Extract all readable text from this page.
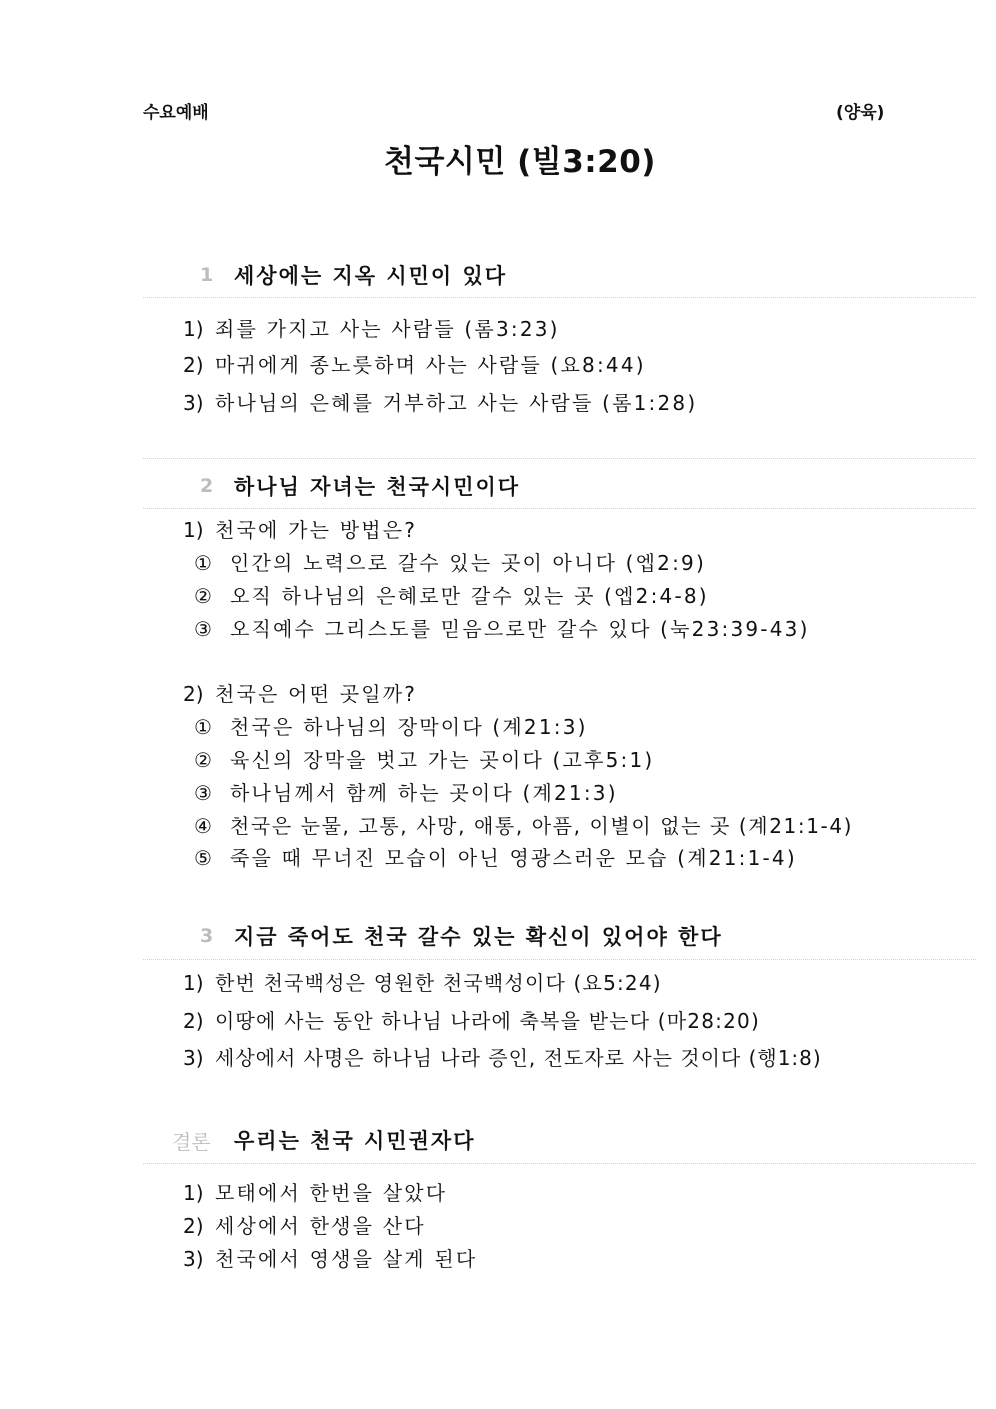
수요예배	(양육)
천국시민 (빌3:20)
1 세상에는 지옥 시민이 있다
1) 죄를 가지고 사는 사람들 (롬3:23)
2) 마귀에게 종노릇하며 사는 사람들 (요8:44)
3) 하나님의 은혜를 거부하고 사는 사람들 (롬1:28)
2 하나님 자녀는 천국시민이다
1) 천국에 가는 방법은?
① 인간의 노력으로 갈수 있는 곳이 아니다 (엡2:9)
② 오직 하나님의 은혜로만 갈수 있는 곳 (엡2:4-8)
③ 오직예수 그리스도를 믿음으로만 갈수 있다 (눅23:39-43)
2) 천국은 어떤 곳일까?
① 천국은 하나님의 장막이다 (계21:3)
② 육신의 장막을 벗고 가는 곳이다 (고후5:1)
③ 하나님께서 함께 하는 곳이다 (계21:3)
④ 천국은 눈물, 고통, 사망, 애통, 아픔, 이별이 없는 곳 (계21:1-4)
⑤ 죽을 때 무너진 모습이 아닌 영광스러운 모습 (계21:1-4)
3 지금 죽어도 천국 갈수 있는 확신이 있어야 한다
1) 한번 천국백성은 영원한 천국백성이다 (요5:24)
2) 이땅에 사는 동안 하나님 나라에 축복을 받는다 (마28:20)
3) 세상에서 사명은 하나님 나라 증인, 전도자로 사는 것이다 (행1:8)
결론	우리는 천국 시민권자다
1) 모태에서 한번을 살았다
2) 세상에서 한생을 산다
3) 천국에서 영생을 살게 된다
